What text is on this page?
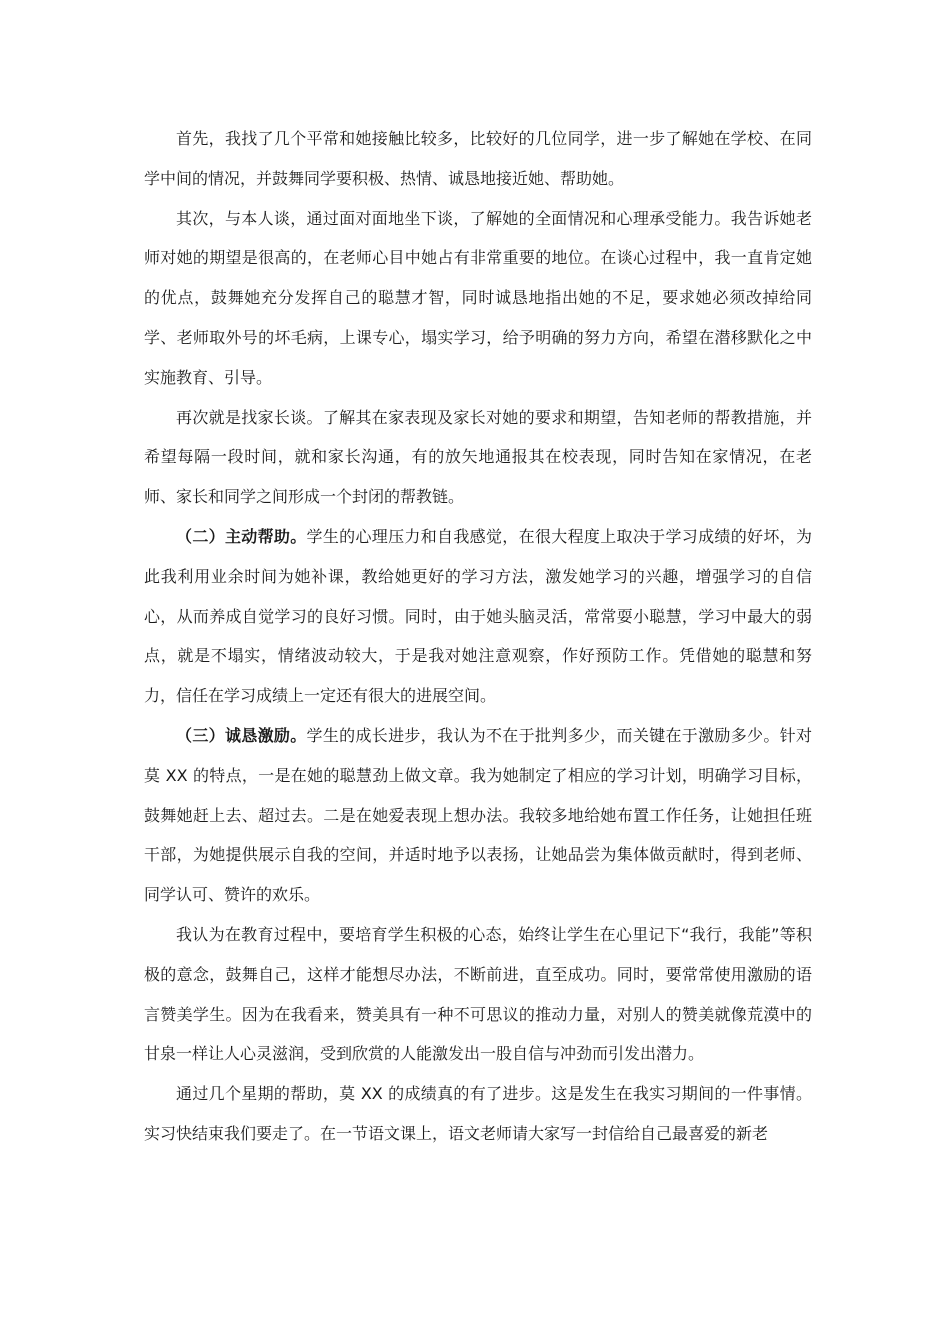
首先，我找了几个平常和她接触比较多，比较好的几位同学，进一步了解她在学校、在同学中间的情况，并鼓舞同学要积极、热情、诚恳地接近她、帮助她。

其次，与本人谈，通过面对面地坐下谈，了解她的全面情况和心理承受能力。我告诉她老师对她的期望是很高的，在老师心目中她占有非常重要的地位。在谈心过程中，我一直肯定她的优点，鼓舞她充分发挥自己的聪慧才智，同时诚恳地指出她的不足，要求她必须改掉给同学、老师取外号的坏毛病，上课专心，塌实学习，给予明确的努力方向，希望在潜移默化之中实施教育、引导。

再次就是找家长谈。了解其在家表现及家长对她的要求和期望，告知老师的帮教措施，并希望每隔一段时间，就和家长沟通，有的放矢地通报其在校表现，同时告知在家情况，在老师、家长和同学之间形成一个封闭的帮教链。

（二）主动帮助。学生的心理压力和自我感觉，在很大程度上取决于学习成绩的好坏，为此我利用业余时间为她补课，教给她更好的学习方法，激发她学习的兴趣，增强学习的自信心，从而养成自觉学习的良好习惯。同时，由于她头脑灵活，常常耍小聪慧，学习中最大的弱点，就是不塌实，情绪波动较大，于是我对她注意观察，作好预防工作。凭借她的聪慧和努力，信任在学习成绩上一定还有很大的进展空间。

（三）诚恳激励。学生的成长进步，我认为不在于批判多少，而关键在于激励多少。针对莫 XX 的特点，一是在她的聪慧劲上做文章。我为她制定了相应的学习计划，明确学习目标，鼓舞她赶上去、超过去。二是在她爱表现上想办法。我较多地给她布置工作任务，让她担任班干部，为她提供展示自我的空间，并适时地予以表扬，让她品尝为集体做贡献时，得到老师、同学认可、赞许的欢乐。

我认为在教育过程中，要培育学生积极的心态，始终让学生在心里记下“我行，我能”等积极的意念，鼓舞自己，这样才能想尽办法，不断前进，直至成功。同时，要常常使用激励的语言赞美学生。因为在我看来，赞美具有一种不可思议的推动力量，对别人的赞美就像荒漠中的甘泉一样让人心灵滋润，受到欣赏的人能激发出一股自信与冲劲而引发出潜力。

通过几个星期的帮助，莫 XX 的成绩真的有了进步。这是发生在我实习期间的一件事情。实习快结束我们要走了。在一节语文课上，语文老师请大家写一封信给自己最喜爱的新老
